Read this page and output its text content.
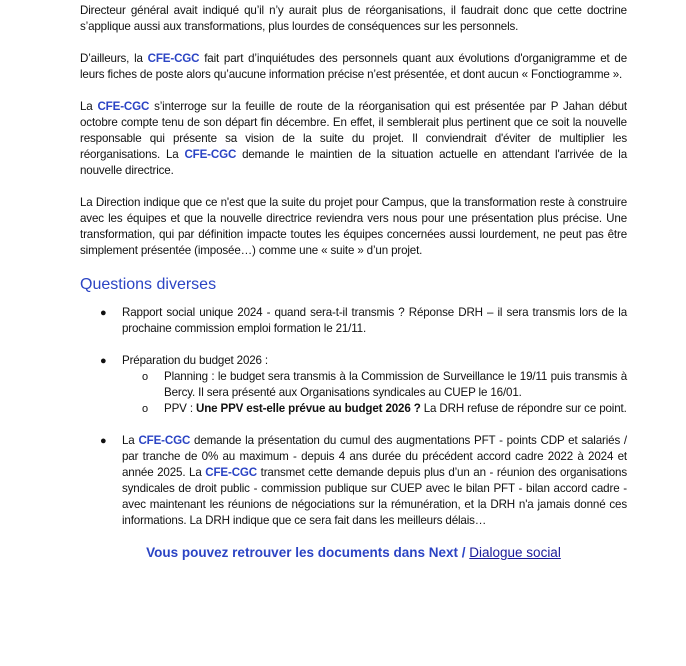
Directeur général avait indiqué qu’il n’y aurait plus de réorganisations, il faudrait donc que cette doctrine s’applique aussi aux transformations, plus lourdes de conséquences sur les personnels.

D’ailleurs, la CFE-CGC fait part d’inquiétudes des personnels quant aux évolutions d'organigramme et de leurs fiches de poste alors qu’aucune information précise n’est présentée, et dont aucun « Fonctiogramme ».

La CFE-CGC s’interroge sur la feuille de route de la réorganisation qui est présentée par P Jahan début octobre compte tenu de son départ fin décembre. En effet, il semblerait plus pertinent que ce soit la nouvelle responsable qui présente sa vision de la suite du projet. Il conviendrait d'éviter de multiplier les réorganisations. La CFE-CGC demande le maintien de la situation actuelle en attendant l'arrivée de la nouvelle directrice.

La Direction indique que ce n'est que la suite du projet pour Campus, que la transformation reste à construire avec les équipes et que la nouvelle directrice reviendra vers nous pour une présentation plus précise. Une transformation, qui par définition impacte toutes les équipes concernées aussi lourdement, ne peut pas être simplement présentée (imposée…) comme une « suite » d’un projet.

Questions diverses
● Rapport social unique 2024 - quand sera-t-il transmis ? Réponse DRH – il sera transmis lors de la prochaine commission emploi formation le 21/11.
● Préparation du budget 2026 :
o Planning : le budget sera transmis à la Commission de Surveillance le 19/11 puis transmis à Bercy. Il sera présenté aux Organisations syndicales au CUEP le 16/01.
o PPV : Une PPV est-elle prévue au budget 2026 ? La DRH refuse de répondre sur ce point.
● La CFE-CGC demande la présentation du cumul des augmentations PFT - points CDP et salariés / par tranche de 0% au maximum - depuis 4 ans durée du précédent accord cadre 2022 à 2024 et année 2025. La CFE-CGC transmet cette demande depuis plus d’un an - réunion des organisations syndicales de droit public - commission publique sur CUEP avec le bilan PFT - bilan accord cadre - avec maintenant les réunions de négociations sur la rémunération, et la DRH n'a jamais donné ces informations. La DRH indique que ce sera fait dans les meilleurs délais…
Vous pouvez retrouver les documents dans Next / Dialogue social
